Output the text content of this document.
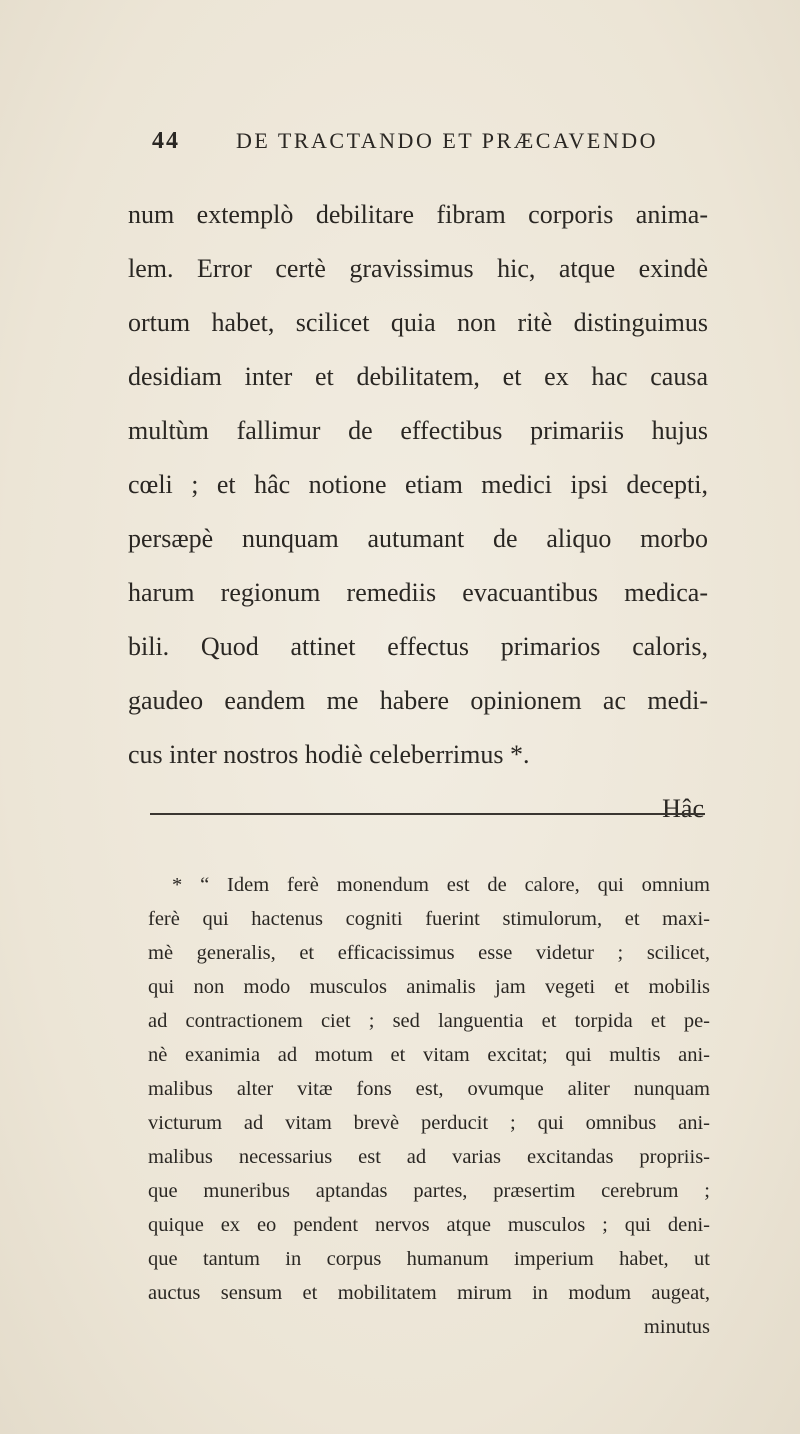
44	DE TRACTANDO ET PRÆCAVENDO
num extemplò debilitare fibram corporis anima-
lem. Error certè gravissimus hic, atque exindè
ortum habet, scilicet quia non ritè distinguimus
desidiam inter et debilitatem, et ex hac causa
multùm fallimur de effectibus primariis hujus
cœli ; et hâc notione etiam medici ipsi decepti,
persæpè nunquam autumant de aliquo morbo
harum regionum remediis evacuantibus medica-
bili. Quod attinet effectus primarios caloris,
gaudeo eandem me habere opinionem ac medi-
cus inter nostros hodiè celeberrimus *.
Hâc
* “ Idem ferè monendum est de calore, qui omnium
ferè qui hactenus cogniti fuerint stimulorum, et maxi-
mè generalis, et efficacissimus esse videtur ; scilicet,
qui non modo musculos animalis jam vegeti et mobilis
ad contractionem ciet ; sed languentia et torpida et pe-
nè exanimia ad motum et vitam excitat; qui multis ani-
malibus alter vitæ fons est, ovumque aliter nunquam
victurum ad vitam brevè perducit ; qui omnibus ani-
malibus necessarius est ad varias excitandas propriis-
que muneribus aptandas partes, præsertim cerebrum ;
quique ex eo pendent nervos atque musculos ; qui deni-
que tantum in corpus humanum imperium habet, ut
auctus sensum et mobilitatem mirum in modum augeat,
minutus
